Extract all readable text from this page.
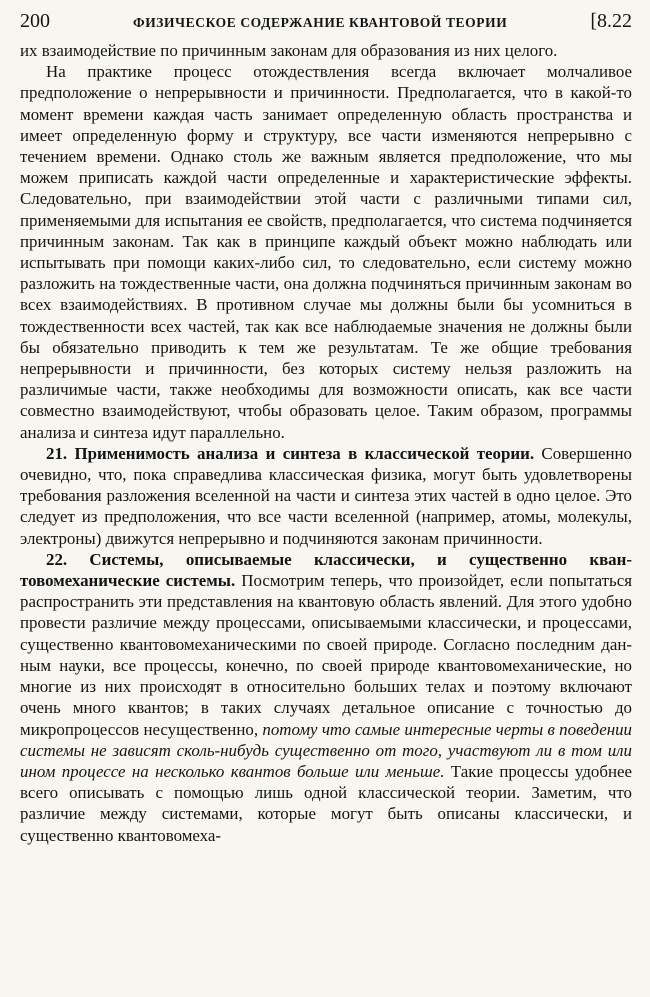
200	ФИЗИЧЕСКОЕ СОДЕРЖАНИЕ КВАНТОВОЙ ТЕОРИИ	[8.22

их взаимодействие по причинным законам для образования из них целого.

На практике процесс отождествления всегда включает молчаливое предположение о непрерывности и причинности. Предполагается, что в какой-то момент времени каждая часть занимает определенную область пространства и имеет определенную форму и структуру, все части изменяются непрерывно с течением времени. Однако столь же важным является предположение, что мы можем приписать каждой части определенные и характеристические эффекты. Следовательно, при взаимодействии этой части с различными типами сил, применяемыми для испытания ее свойств, предполагается, что система подчиняется причинным законам. Так как в принципе каждый объект можно наблюдать или испытывать при помощи каких-либо сил, то следовательно, если систему можно разложить на тождественные части, она должна подчиняться причинным законам во всех взаимодействиях. В противном случае мы должны были бы усомниться в тождественности всех частей, так как все наблюдаемые значения не должны были бы обязательно приводить к тем же результатам. Те же общие требования непрерывности и причинности, без которых систему нельзя разложить на различимые части, также необходимы для возможности описать, как все части совместно взаимодействуют, чтобы образовать целое. Таким образом, программы анализа и синтеза идут параллельно.

21. Применимость анализа и синтеза в классической теории. Совершенно очевидно, что, пока справедлива классическая физика, могут быть удовлетворены требования разложения вселенной на части и синтеза этих частей в одно целое. Это следует из предположения, что все части вселенной (например, атомы, молекулы, электроны) движутся непрерывно и подчиняются законам причинности.

22. Системы, описываемые классически, и существенно квантовомеханические системы. Посмотрим теперь, что произойдет, если попытаться распространить эти представления на квантовую область явлений. Для этого удобно провести различие между процессами, описываемыми классически, и процессами, существенно квантовомеханическими по своей природе. Согласно последним данным науки, все процессы, конечно, по своей природе квантовомеханические, но многие из них происходят в относительно больших телах и поэтому включают очень много квантов; в таких случаях детальное описание с точностью до микропроцессов несущественно, потому что самые интересные черты в поведении системы не зависят сколь-нибудь существенно от того, участвуют ли в том или ином процессе на несколько квантов больше или меньше. Такие процессы удобнее всего описывать с помощью лишь одной классической теории. Заметим, что различие между системами, которые могут быть описаны классически, и существенно квантовомеха-
